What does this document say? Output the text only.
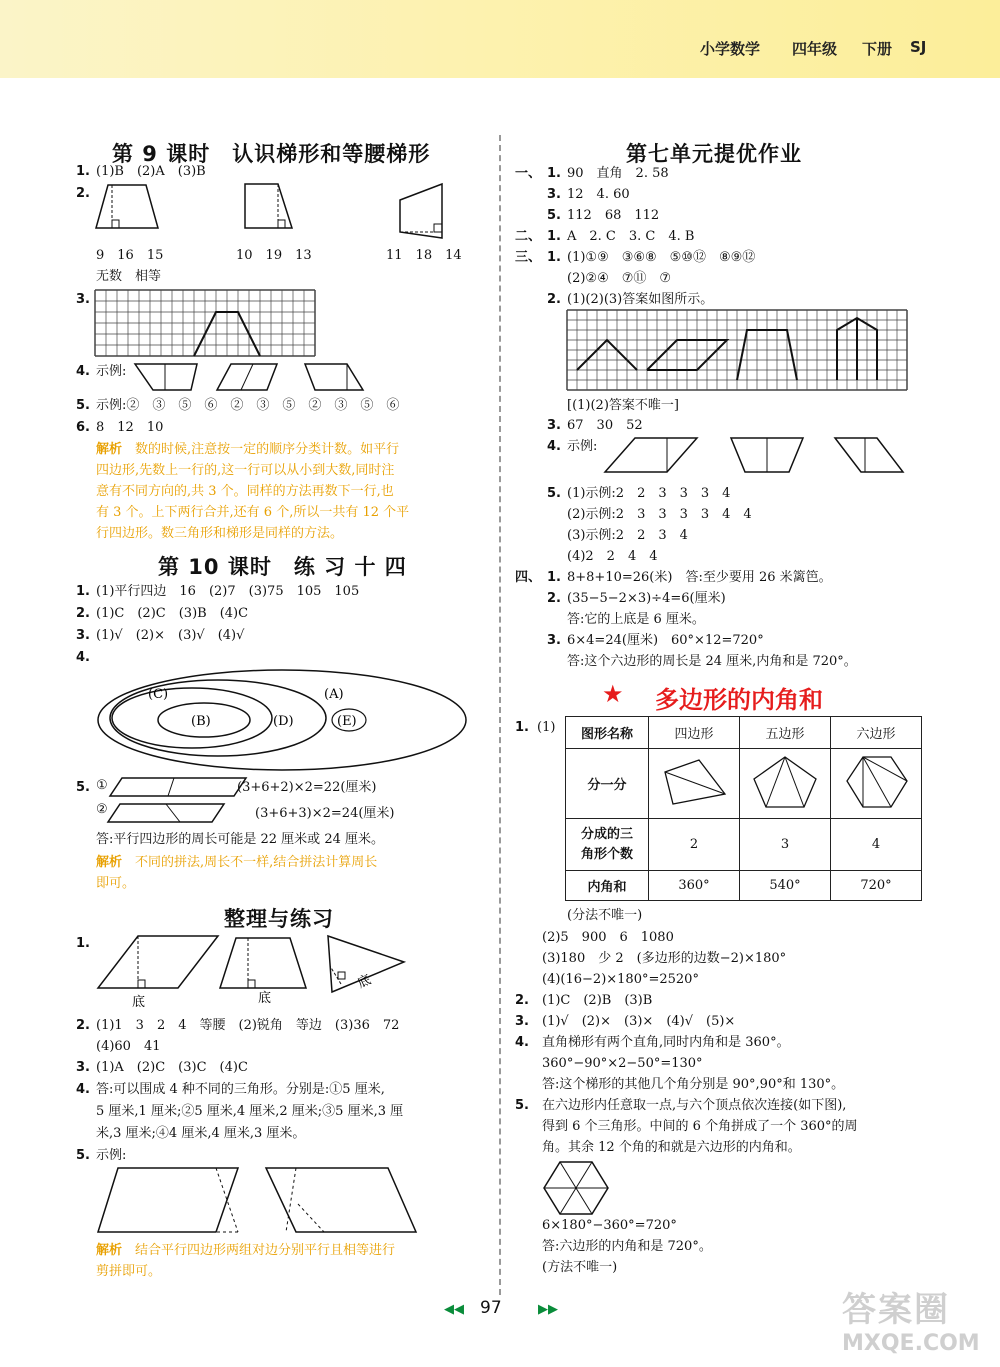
小学数学 四年级 下册 SJ
第 9 课时　认识梯形和等腰梯形
1. (1)B　(2)A　(3)B
2.
9　16　15	10　19　13	11　18　14
无数　相等
3.
4. 示例:
5. 示例:②　③　⑤　⑥　②　③　⑤　②　③　⑤　⑥
6. 8　12　10
解析　数的时候,注意按一定的顺序分类计数。如平行
四边形,先数上一行的,这一行可以从小到大数,同时注
意有不同方向的,共 3 个。同样的方法再数下一行,也
有 3 个。上下两行合并,还有 6 个,所以一共有 12 个平
行四边形。数三角形和梯形是同样的方法。
第 10 课时　练 习 十 四
1. (1)平行四边　16　(2)7　(3)75　105　105
2. (1)C　(2)C　(3)B　(4)C
3. (1)√　(2)×　(3)√　(4)√
4.
(C)	(A)
(B)	(D)	(E)
5. ①
②
(3+6+2)×2=22(厘米)
(3+6+3)×2=24(厘米)
答:平行四边形的周长可能是 22 厘米或 24 厘米。
解析　不同的拼法,周长不一样,结合拼法计算周长
即可。
整理与练习
1.
底	底
底
2. (1)1　3　2　4　等腰　(2)锐角　等边　(3)36　72
(4)60　41
3. (1)A　(2)C　(3)C　(4)C
4. 答:可以围成 4 种不同的三角形。分别是:①5 厘米,
5 厘米,1 厘米;②5 厘米,4 厘米,2 厘米;③5 厘米,3 厘
米,3 厘米;④4 厘米,4 厘米,3 厘米。
5. 示例:
解析　结合平行四边形两组对边分别平行且相等进行
剪拼即可。
第七单元提优作业
一、 1. 90　直角　2. 58
3. 12　4. 60
5. 112　68　112
二、 1. A　2. C　3. C　4. B
三、 1. (1)①⑨　③⑥⑧　⑤⑩⑫　⑧⑨⑫
(2)②④　⑦⑪　⑦
2. (1)(2)(3)答案如图所示。
[(1)(2)答案不唯一]
3. 67　30　52
4. 示例:
5. (1)示例:2　2　3　3　3　4
(2)示例:2　3　3　3　3　4　4
(3)示例:2　2　3　4
(4)2　2　4　4
四、 1. 8+8+10=26(米)　答:至少要用 26 米篱笆。
2. (35−5−2×3)÷4=6(厘米)
答:它的上底是 6 厘米。
3. 6×4=24(厘米)　60°×12=720°
答:这个六边形的周长是 24 厘米,内角和是 720°。
★ 多边形的内角和
1. (1) 图形名称	四边形	五边形	六边形
分一分			
分成的三
角形个数	2	3	4
内角和	360°	540°	720°
(分法不唯一)
(2)5　900　6　1080
(3)180　少 2　(多边形的边数−2)×180°
(4)(16−2)×180°=2520°
2. (1)C　(2)B　(3)B
3. (1)√　(2)×　(3)×　(4)√　(5)×
4. 直角梯形有两个直角,同时内角和是 360°。
360°−90°×2−50°=130°
答:这个梯形的其他几个角分别是 90°,90°和 130°。
5. 在六边形内任意取一点,与六个顶点依次连接(如下图),
得到 6 个三角形。中间的 6 个角拼成了一个 360°的周
角。其余 12 个角的和就是六边形的内角和。
6×180°−360°=720°
答:六边形的内角和是 720°。
(方法不唯一)
◀◀ 97	▶▶	答案圈
MXQE.COM
